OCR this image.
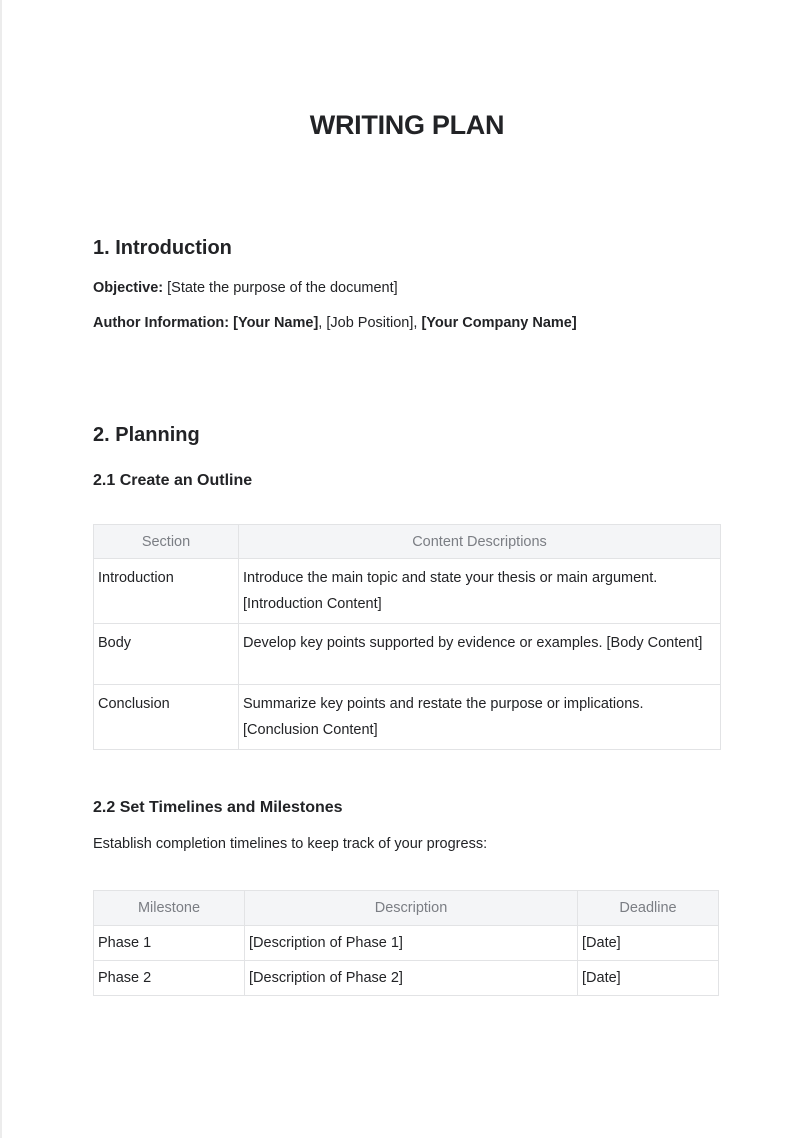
WRITING PLAN
1. Introduction
Objective: [State the purpose of the document]
Author Information: [Your Name], [Job Position], [Your Company Name]
2. Planning
2.1 Create an Outline
Section	Content Descriptions
Introduction	Introduce the main topic and state your thesis or main argument. [Introduction Content]
Body	Develop key points supported by evidence or examples. [Body Content]
Conclusion	Summarize key points and restate the purpose or implications. [Conclusion Content]
2.2 Set Timelines and Milestones
Establish completion timelines to keep track of your progress:
Milestone	Description	Deadline
Phase 1	[Description of Phase 1]	[Date]
Phase 2	[Description of Phase 2]	[Date]
